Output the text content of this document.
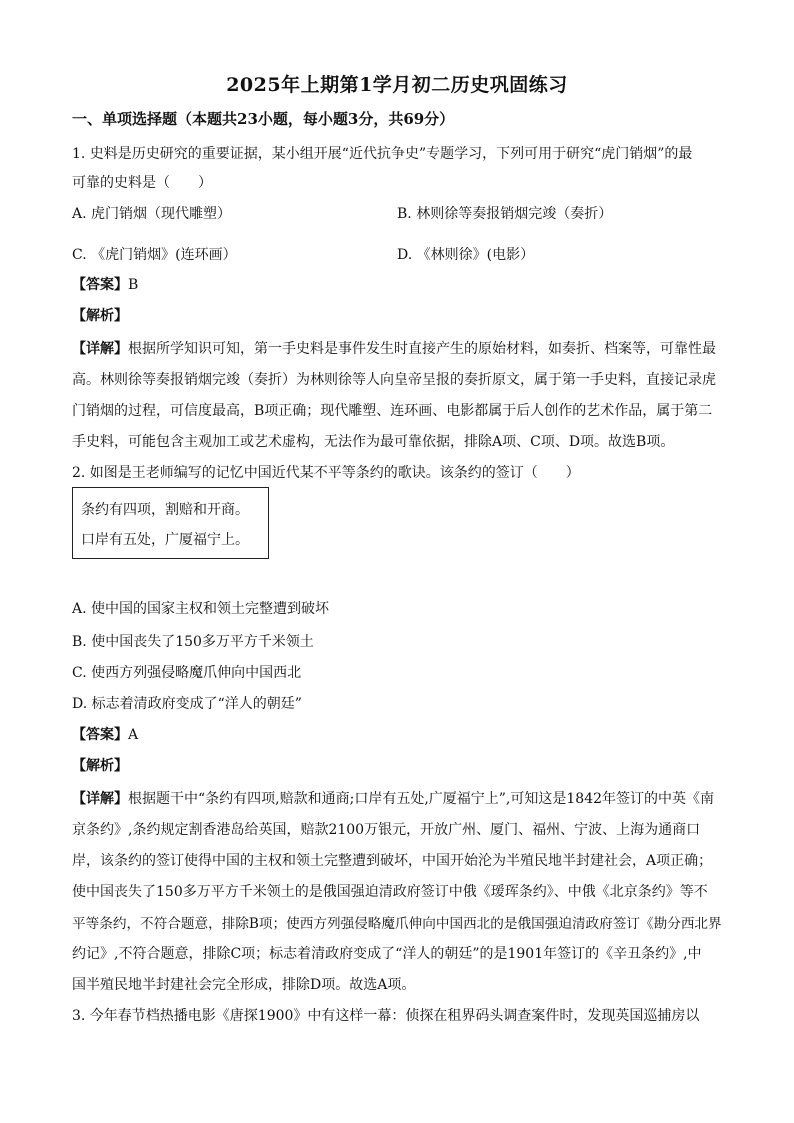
2025年上期第1学月初二历史巩固练习
一、单项选择题（本题共23小题，每小题3分，共69分）
1. 史料是历史研究的重要证据，某小组开展“近代抗争史”专题学习，下列可用于研究“虎门销烟”的最
可靠的史料是（　　）
A. 虎门销烟（现代雕塑）	B. 林则徐等奏报销烟完竣（奏折）
C. 《虎门销烟》(连环画）	D. 《林则徐》(电影）
【答案】B
【解析】
【详解】根据所学知识可知，第一手史料是事件发生时直接产生的原始材料，如奏折、档案等，可靠性最
高。林则徐等奏报销烟完竣（奏折）为林则徐等人向皇帝呈报的奏折原文，属于第一手史料，直接记录虎
门销烟的过程，可信度最高，B项正确；现代雕塑、连环画、电影都属于后人创作的艺术作品，属于第二
手史料，可能包含主观加工或艺术虚构，无法作为最可靠依据，排除A项、C项、D项。故选B项。
2. 如图是王老师编写的记忆中国近代某不平等条约的歌诀。该条约的签订（　　）
条约有四项，割赔和开商。
口岸有五处，广厦福宁上。
A. 使中国的国家主权和领土完整遭到破坏
B. 使中国丧失了150多万平方千米领土
C. 使西方列强侵略魔爪伸向中国西北
D. 标志着清政府变成了“洋人的朝廷”
【答案】A
【解析】
【详解】根据题干中“条约有四项,赔款和通商;口岸有五处,广厦福宁上”,可知这是1842年签订的中英《南
京条约》,条约规定割香港岛给英国，赔款2100万银元，开放广州、厦门、福州、宁波、上海为通商口
岸，该条约的签订使得中国的主权和领土完整遭到破坏，中国开始沦为半殖民地半封建社会，A项正确；
使中国丧失了150多万平方千米领土的是俄国强迫清政府签订中俄《瑷珲条约》、中俄《北京条约》等不
平等条约，不符合题意，排除B项；使西方列强侵略魔爪伸向中国西北的是俄国强迫清政府签订《勘分西北界
约记》,不符合题意，排除C项；标志着清政府变成了“洋人的朝廷”的是1901年签订的《辛丑条约》,中
国半殖民地半封建社会完全形成，排除D项。故选A项。
3. 今年春节档热播电影《唐探1900》中有这样一幕：侦探在租界码头调查案件时，发现英国巡捕房以
